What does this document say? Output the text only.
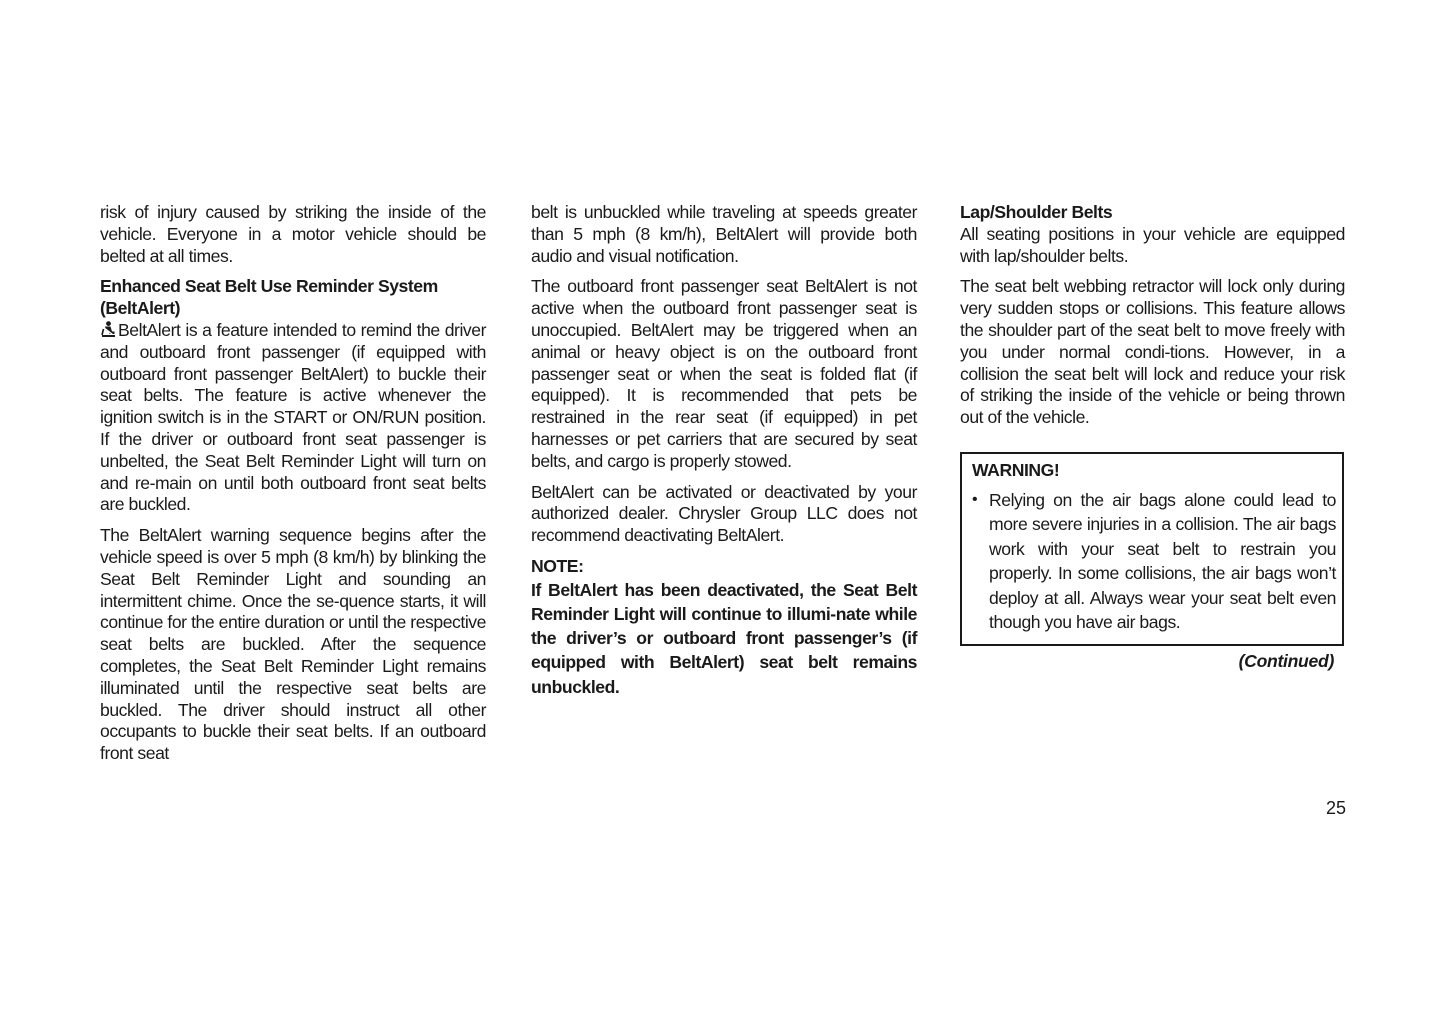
risk of injury caused by striking the inside of the vehicle. Everyone in a motor vehicle should be belted at all times.

Enhanced Seat Belt Use Reminder System (BeltAlert)

BeltAlert is a feature intended to remind the driver and outboard front passenger (if equipped with outboard front passenger BeltAlert) to buckle their seat belts. The feature is active whenever the ignition switch is in the START or ON/RUN position. If the driver or outboard front seat passenger is unbelted, the Seat Belt Reminder Light will turn on and re-main on until both outboard front seat belts are buckled.

The BeltAlert warning sequence begins after the vehicle speed is over 5 mph (8 km/h) by blinking the Seat Belt Reminder Light and sounding an intermittent chime. Once the se-quence starts, it will continue for the entire duration or until the respective seat belts are buckled. After the sequence completes, the Seat Belt Reminder Light remains illuminated until the respective seat belts are buckled. The driver should instruct all other occupants to buckle their seat belts. If an outboard front seat

belt is unbuckled while traveling at speeds greater than 5 mph (8 km/h), BeltAlert will provide both audio and visual notification.

The outboard front passenger seat BeltAlert is not active when the outboard front passenger seat is unoccupied. BeltAlert may be triggered when an animal or heavy object is on the outboard front passenger seat or when the seat is folded flat (if equipped). It is recommended that pets be restrained in the rear seat (if equipped) in pet harnesses or pet carriers that are secured by seat belts, and cargo is properly stowed.

BeltAlert can be activated or deactivated by your authorized dealer. Chrysler Group LLC does not recommend deactivating BeltAlert.

NOTE:
If BeltAlert has been deactivated, the Seat Belt Reminder Light will continue to illumi-nate while the driver’s or outboard front passenger’s (if equipped with BeltAlert) seat belt remains unbuckled.
Lap/Shoulder Belts

All seating positions in your vehicle are equipped with lap/shoulder belts.

The seat belt webbing retractor will lock only during very sudden stops or collisions. This feature allows the shoulder part of the seat belt to move freely with you under normal condi-tions. However, in a collision the seat belt will lock and reduce your risk of striking the inside of the vehicle or being thrown out of the vehicle.

WARNING!
• Relying on the air bags alone could lead to more severe injuries in a collision. The air bags work with your seat belt to restrain you properly. In some collisions, the air bags won’t deploy at all. Always wear your seat belt even though you have air bags.
(Continued)
25
